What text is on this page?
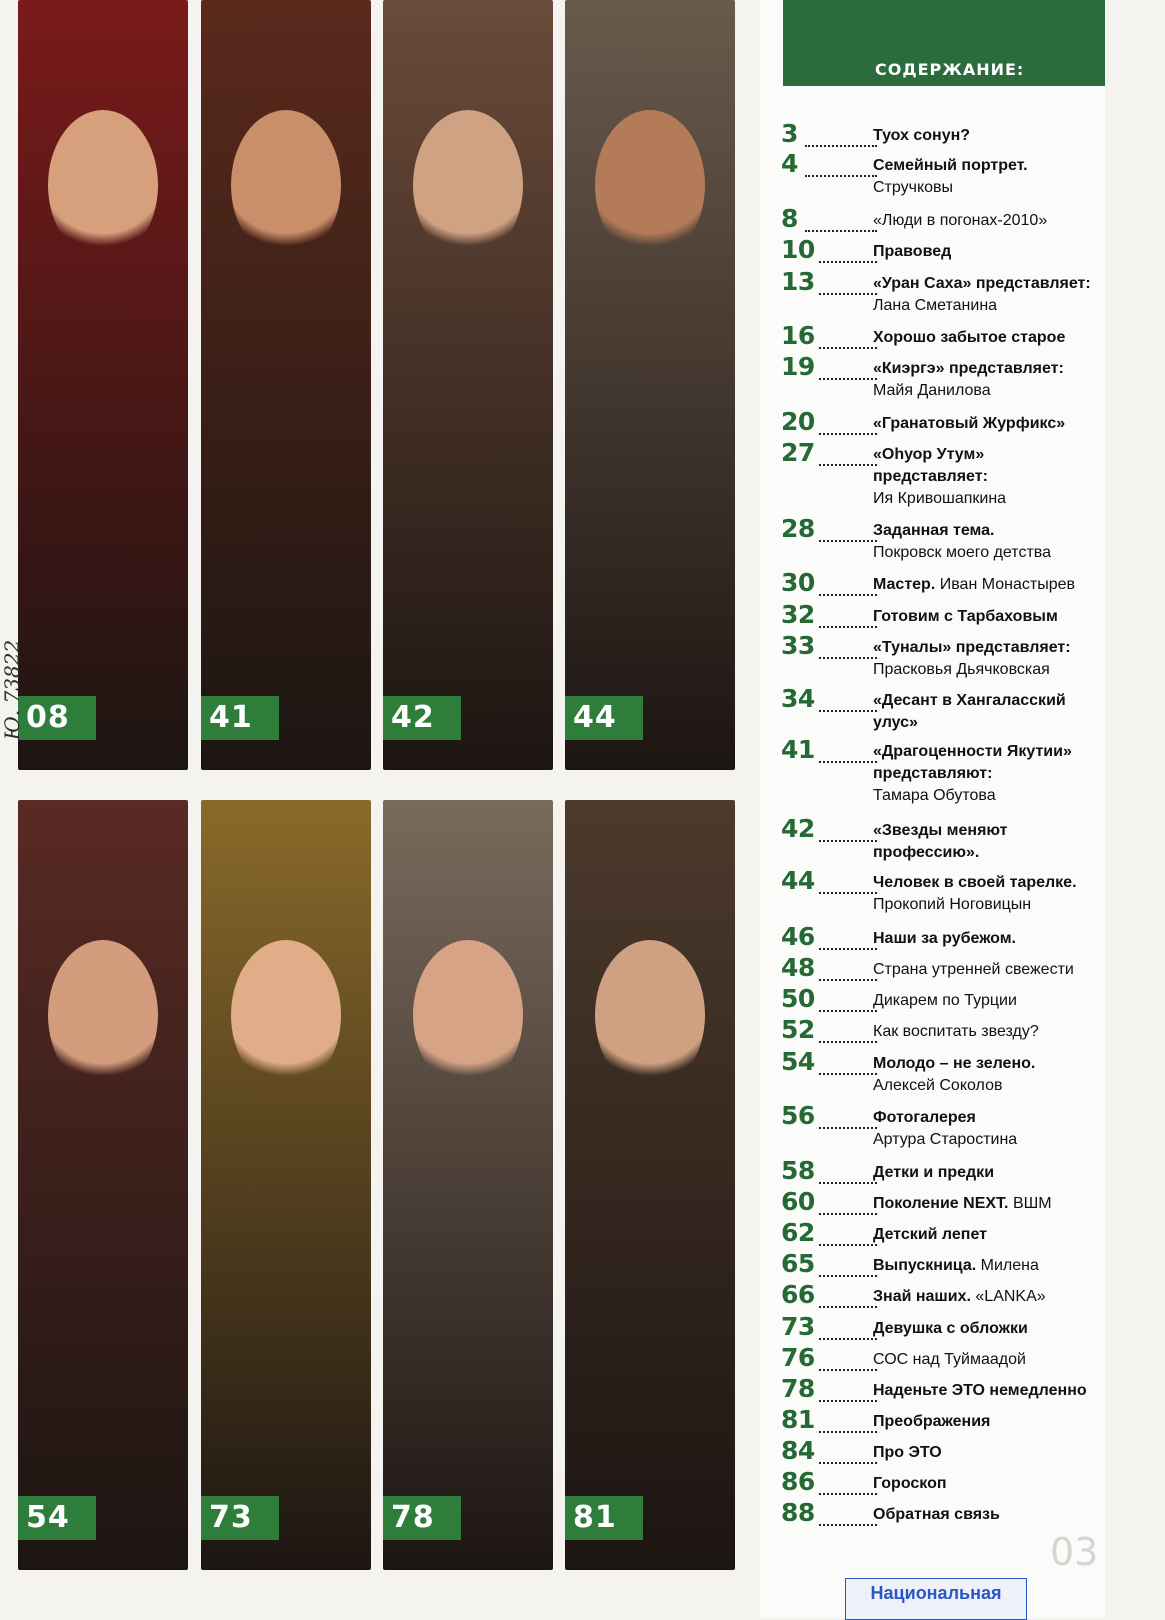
08	41	42	44
54	73	78	81
Ю. 73822
СОДЕРЖАНИЕ:
3	Туох сонун?
4	Семейный портрет.
Стручковы
8	«Люди в погонах-2010»
10	Правовед
13	«Уран Саха» представляет:
Лана Сметанина
16	Хорошо забытое старое
19	«Киэргэ» представляет:
Майя Данилова
20	«Гранатовый Журфикс»
27	«Оhуор Утум»
представляет:
Ия Кривошапкина
28	Заданная тема.
Покровск моего детства
30	Мастер. Иван Монастырев
32	Готовим с Тарбаховым
33	«Туналы» представляет:
Прасковья Дьячковская
34	«Десант в Хангаласский
улус»
41	«Драгоценности Якутии»
представляют:
Тамара Обутова
42	«Звезды меняют
профессию».
44	Человек в своей тарелке.
Прокопий Ноговицын
46	Наши за рубежом.
48	Страна утренней свежести
50	Дикарем по Турции
52	Как воспитать звезду?
54	Молодо – не зелено.
Алексей Соколов
56	Фотогалерея
Артура Старостина
58	Детки и предки
60	Поколение NEXT. ВШМ
62	Детский лепет
65	Выпускница. Милена
66	Знай наших. «LANKA»
73	Девушка с обложки
76	СОС над Туймаадой
78	Наденьте ЭТО немедленно
81	Преображения
84	Про ЭТО
86	Гороскоп
88	Обратная связь
03
Национальная
